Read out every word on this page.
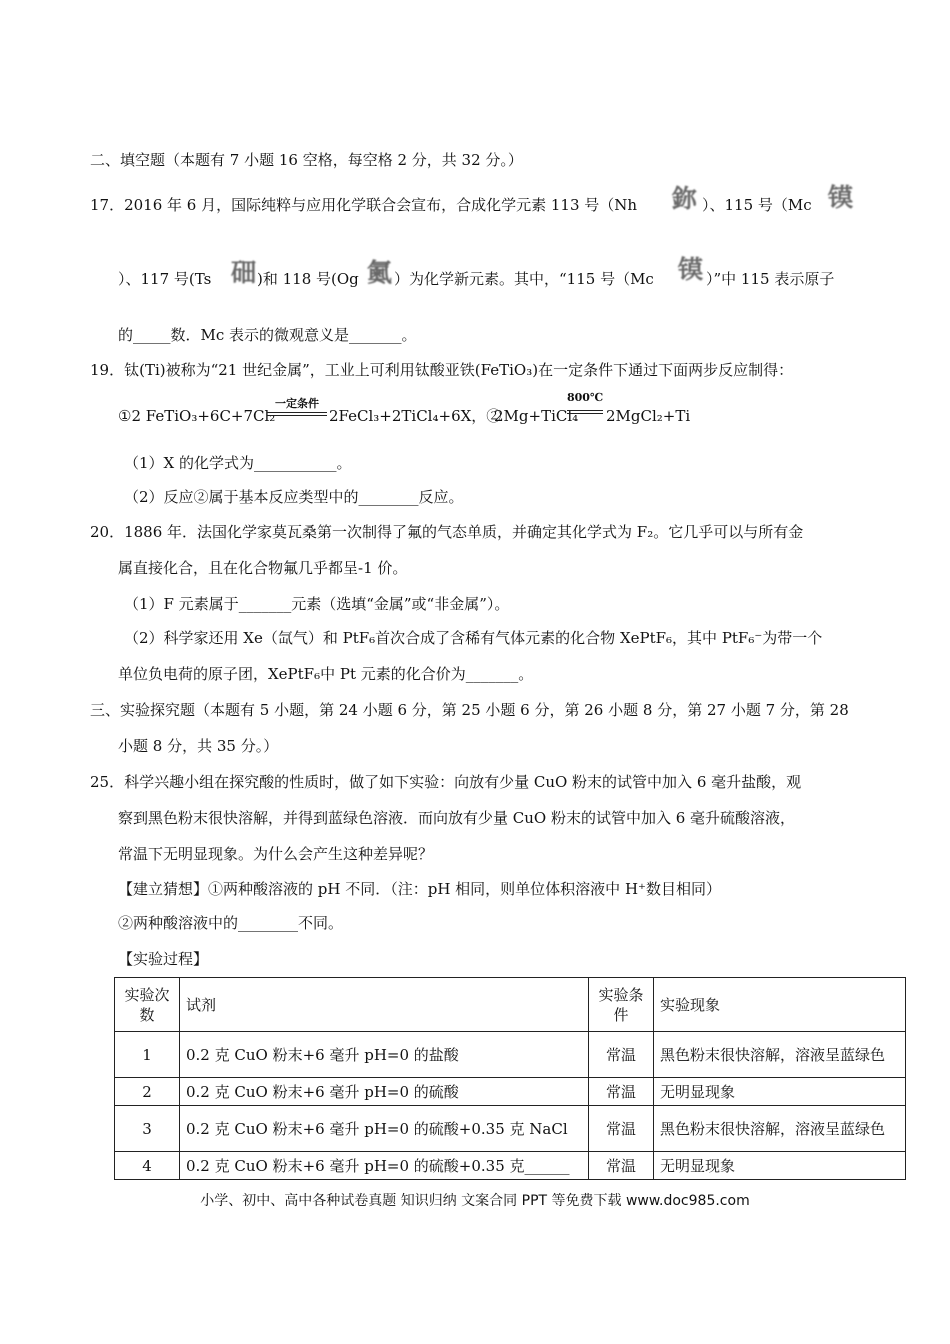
二、填空题（本题有 7 小题 16 空格，每空格 2 分，共 32 分。）
17．2016 年 6 月，国际纯粹与应用化学联合会宣布，合成化学元素 113 号（Nh 鉨 ）、115 号（Mc 镆
）、117 号(Ts 鿬 )和 118 号(Og 鿫 ）为化学新元素。其中，“115 号（Mc 镆 ）”中 115 表示原子
的_____数．Mc 表示的微观意义是_______。
19．钛(Ti)被称为“21 世纪金属”，工业上可利用钛酸亚铁(FeTiO₃)在一定条件下通过下面两步反应制得：
①2 FeTiO₃+6C+7Cl₂
一定条件
2FeCl₃+2TiCl₄+6X，②
2Mg+TiCl₄
800℃
2MgCl₂+Ti
（1）X 的化学式为___________。
（2）反应②属于基本反应类型中的________反应。
20．1886 年．法国化学家莫瓦桑第一次制得了氟的气态单质，并确定其化学式为 F₂。它几乎可以与所有金
属直接化合，且在化合物氟几乎都呈-1 价。
（1）F 元素属于_______元素（选填“金属”或“非金属”）。
（2）科学家还用 Xe（氙气）和 PtF₆首次合成了含稀有气体元素的化合物 XePtF₆，其中 PtF₆⁻为带一个
单位负电荷的原子团，XePtF₆中 Pt 元素的化合价为_______。
三、实验探究题（本题有 5 小题，第 24 小题 6 分，第 25 小题 6 分，第 26 小题 8 分，第 27 小题 7 分，第 28
小题 8 分，共 35 分。）
25．科学兴趣小组在探究酸的性质时，做了如下实验：向放有少量 CuO 粉末的试管中加入 6 毫升盐酸，观
察到黑色粉末很快溶解，并得到蓝绿色溶液．而向放有少量 CuO 粉末的试管中加入 6 毫升硫酸溶液，
常温下无明显现象。为什么会产生这种差异呢？
【建立猜想】①两种酸溶液的 pH 不同．（注：pH 相同，则单位体积溶液中 H⁺数目相同）
②两种酸溶液中的________不同。
【实验过程】
实验次数	试剂	实验条件	实验现象
1	0.2 克 CuO 粉末+6 毫升 pH=0 的盐酸	常温	黑色粉末很快溶解，溶液呈蓝绿色
2	0.2 克 CuO 粉末+6 毫升 pH=0 的硫酸	常温	无明显现象
3	0.2 克 CuO 粉末+6 毫升 pH=0 的硫酸+0.35 克 NaCl	常温	黑色粉末很快溶解，溶液呈蓝绿色
4	0.2 克 CuO 粉末+6 毫升 pH=0 的硫酸+0.35 克______	常温	无明显现象
小学、初中、高中各种试卷真题 知识归纳 文案合同 PPT 等免费下载 www.doc985.com
